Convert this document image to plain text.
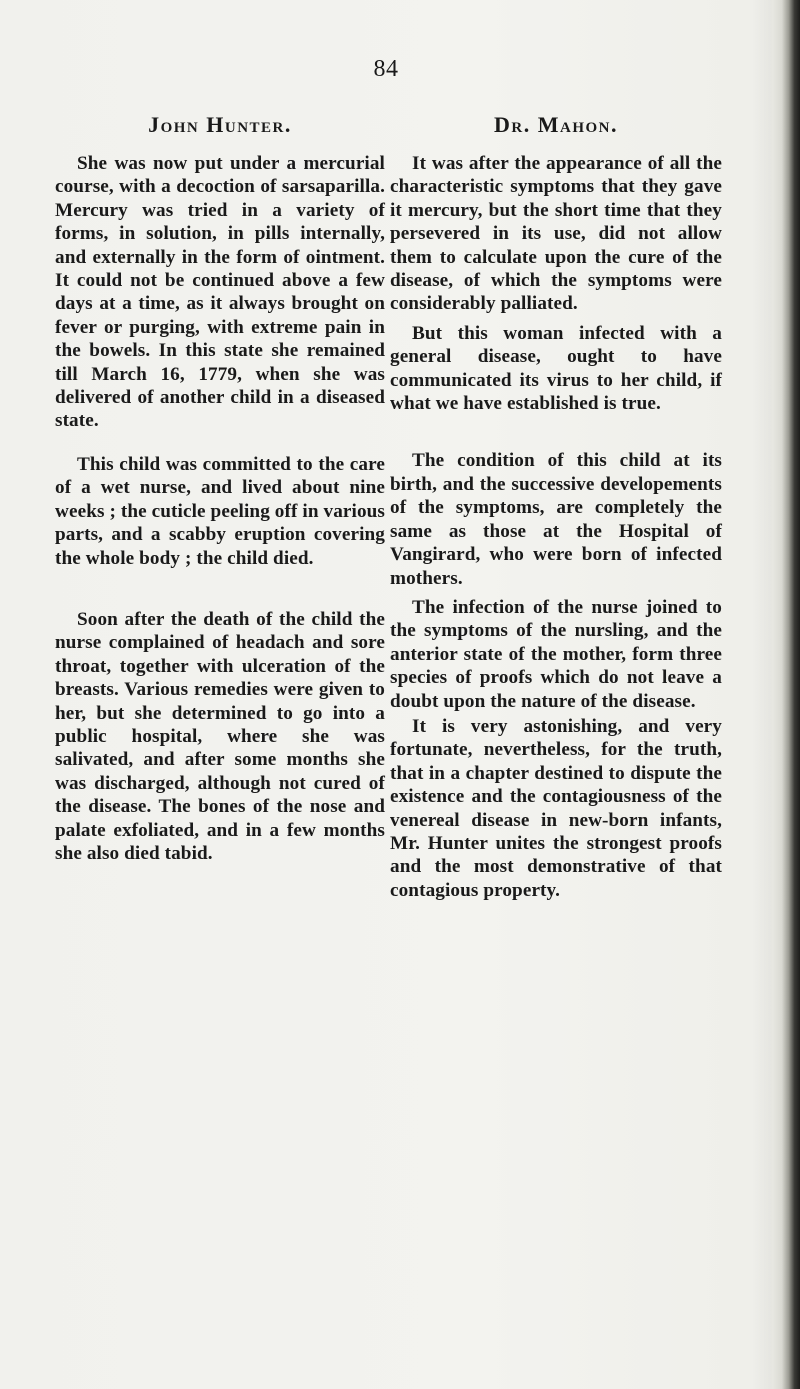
84
John Hunter.

She was now put under a mercurial course, with a decoction of sarsaparilla. Mercury was tried in a variety of forms, in solution, in pills internally, and externally in the form of ointment. It could not be continued above a few days at a time, as it always brought on fever or purging, with extreme pain in the bowels. In this state she remained till March 16, 1779, when she was delivered of another child in a diseased state.

This child was committed to the care of a wet nurse, and lived about nine weeks ; the cuticle peeling off in various parts, and a scabby eruption covering the whole body ; the child died.

Soon after the death of the child the nurse complained of headach and sore throat, together with ulceration of the breasts. Various remedies were given to her, but she determined to go into a public hospital, where she was salivated, and after some months she was discharged, although not cured of the disease. The bones of the nose and palate exfoliated, and in a few months she also died tabid.

Dr. Mahon.

It was after the appearance of all the characteristic symptoms that they gave it mercury, but the short time that they persevered in its use, did not allow them to calculate upon the cure of the disease, of which the symptoms were considerably palliated.

But this woman infected with a general disease, ought to have communicated its virus to her child, if what we have established is true.

The condition of this child at its birth, and the successive developements of the symptoms, are completely the same as those at the Hospital of Vangirard, who were born of infected mothers.

The infection of the nurse joined to the symptoms of the nursling, and the anterior state of the mother, form three species of proofs which do not leave a doubt upon the nature of the disease.

It is very astonishing, and very fortunate, nevertheless, for the truth, that in a chapter destined to dispute the existence and the contagiousness of the venereal disease in new-born infants, Mr. Hunter unites the strongest proofs and the most demonstrative of that contagious property.
